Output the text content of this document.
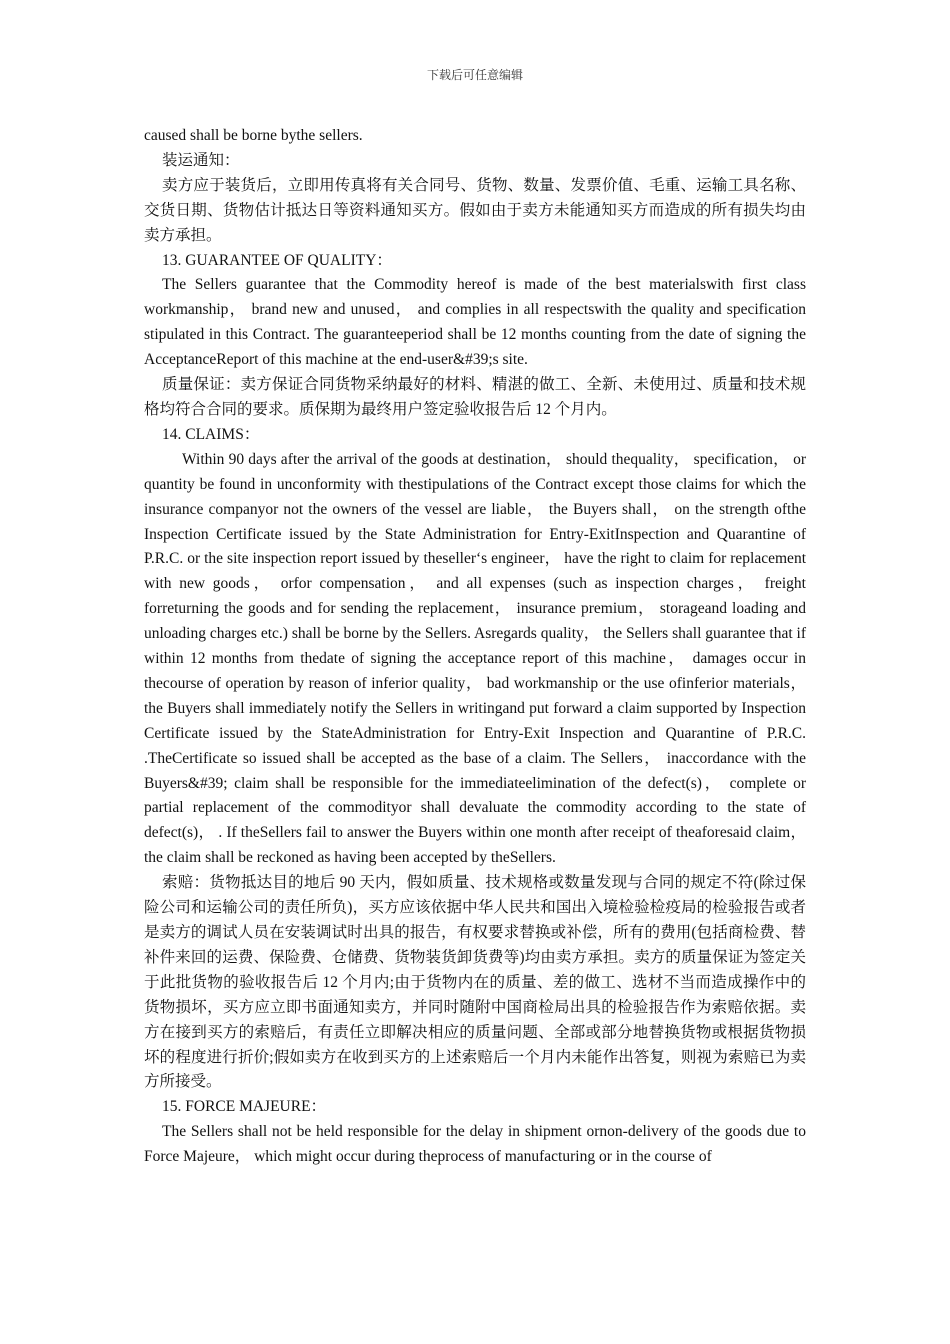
下载后可任意编辑

caused shall be borne bythe sellers.

装运通知：

卖方应于装货后，立即用传真将有关合同号、货物、数量、发票价值、毛重、运输工具名称、交货日期、货物估计抵达日等资料通知买方。假如由于卖方未能通知买方而造成的所有损失均由卖方承担。

13. GUARANTEE OF QUALITY：

The Sellers guarantee that the Commodity hereof is made of the best materialswith first class workmanship， brand new and unused， and complies in all respectswith the quality and specification stipulated in this Contract. The guaranteeperiod shall be 12 months counting from the date of signing the AcceptanceReport of this machine at the end-user&#39;s site.

质量保证：卖方保证合同货物采纳最好的材料、精湛的做工、全新、未使用过、质量和技术规格均符合合同的要求。质保期为最终用户签定验收报告后 12 个月内。

14. CLAIMS：

Within 90 days after the arrival of the goods at destination， should thequality， specification， or quantity be found in unconformity with thestipulations of the Contract except those claims for which the insurance companyor not the owners of the vessel are liable， the Buyers shall， on the strength ofthe Inspection Certificate issued by the State Administration for Entry-ExitInspection and Quarantine of P.R.C. or the site inspection report issued by theseller‘s engineer， have the right to claim for replacement with new goods， orfor compensation， and all expenses (such as inspection charges， freight forreturning the goods and for sending the replacement， insurance premium， storageand loading and unloading charges etc.) shall be borne by the Sellers. Asregards quality， the Sellers shall guarantee that if within 12 months from thedate of signing the acceptance report of this machine， damages occur in thecourse of operation by reason of inferior quality， bad workmanship or the use ofinferior materials， the Buyers shall immediately notify the Sellers in writingand put forward a claim supported by Inspection Certificate issued by the StateAdministration for Entry-Exit Inspection and Quarantine of P.R.C. .TheCertificate so issued shall be accepted as the base of a claim. The Sellers， inaccordance with the Buyers&#39; claim shall be responsible for the immediateelimination of the defect(s)， complete or partial replacement of the commodityor shall devaluate the commodity according to the state of defect(s)， . If theSellers fail to answer the Buyers within one month after receipt of theaforesaid claim， the claim shall be reckoned as having been accepted by theSellers.

索赔：货物抵达目的地后 90 天内，假如质量、技术规格或数量发现与合同的规定不符(除过保险公司和运输公司的责任所负)，买方应该依据中华人民共和国出入境检验检疫局的检验报告或者是卖方的调试人员在安装调试时出具的报告，有权要求替换或补偿，所有的费用(包括商检费、替补件来回的运费、保险费、仓储费、货物装货卸货费等)均由卖方承担。卖方的质量保证为签定关于此批货物的验收报告后 12 个月内;由于货物内在的质量、差的做工、选材不当而造成操作中的货物损坏，买方应立即书面通知卖方，并同时随附中国商检局出具的检验报告作为索赔依据。卖方在接到买方的索赔后，有责任立即解决相应的质量问题、全部或部分地替换货物或根据货物损坏的程度进行折价;假如卖方在收到买方的上述索赔后一个月内未能作出答复，则视为索赔已为卖方所接受。

15. FORCE MAJEURE：

The Sellers shall not be held responsible for the delay in shipment ornon-delivery of the goods due to Force Majeure， which might occur during theprocess of manufacturing or in the course of
